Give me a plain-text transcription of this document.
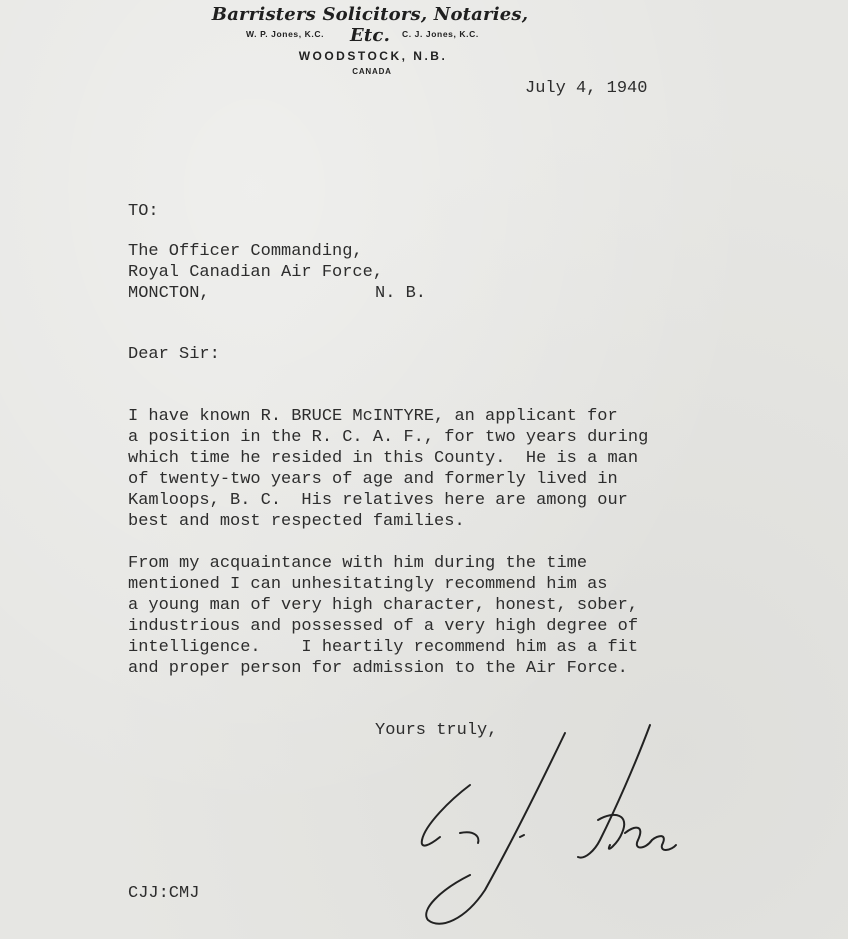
Barristers Solicitors, Notaries, Etc.
W. P. Jones, K.C.	C. J. Jones, K.C.
WOODSTOCK, N.B.
CANADA

July 4, 1940

TO:

The Officer Commanding,

Royal Canadian Air Force,

MONCTON,	N. B.

Dear Sir:

I have known R. BRUCE McINTYRE, an applicant for

a position in the R. C. A. F., for two years during

which time he resided in this County.  He is a man

of twenty-two years of age and formerly lived in

Kamloops, B. C.  His relatives here are among our

best and most respected families.

From my acquaintance with him during the time

mentioned I can unhesitatingly recommend him as

a young man of very high character, honest, sober,

industrious and possessed of a very high degree of

intelligence.    I heartily recommend him as a fit

and proper person for admission to the Air Force.

Yours truly,

CJJ:CMJ
